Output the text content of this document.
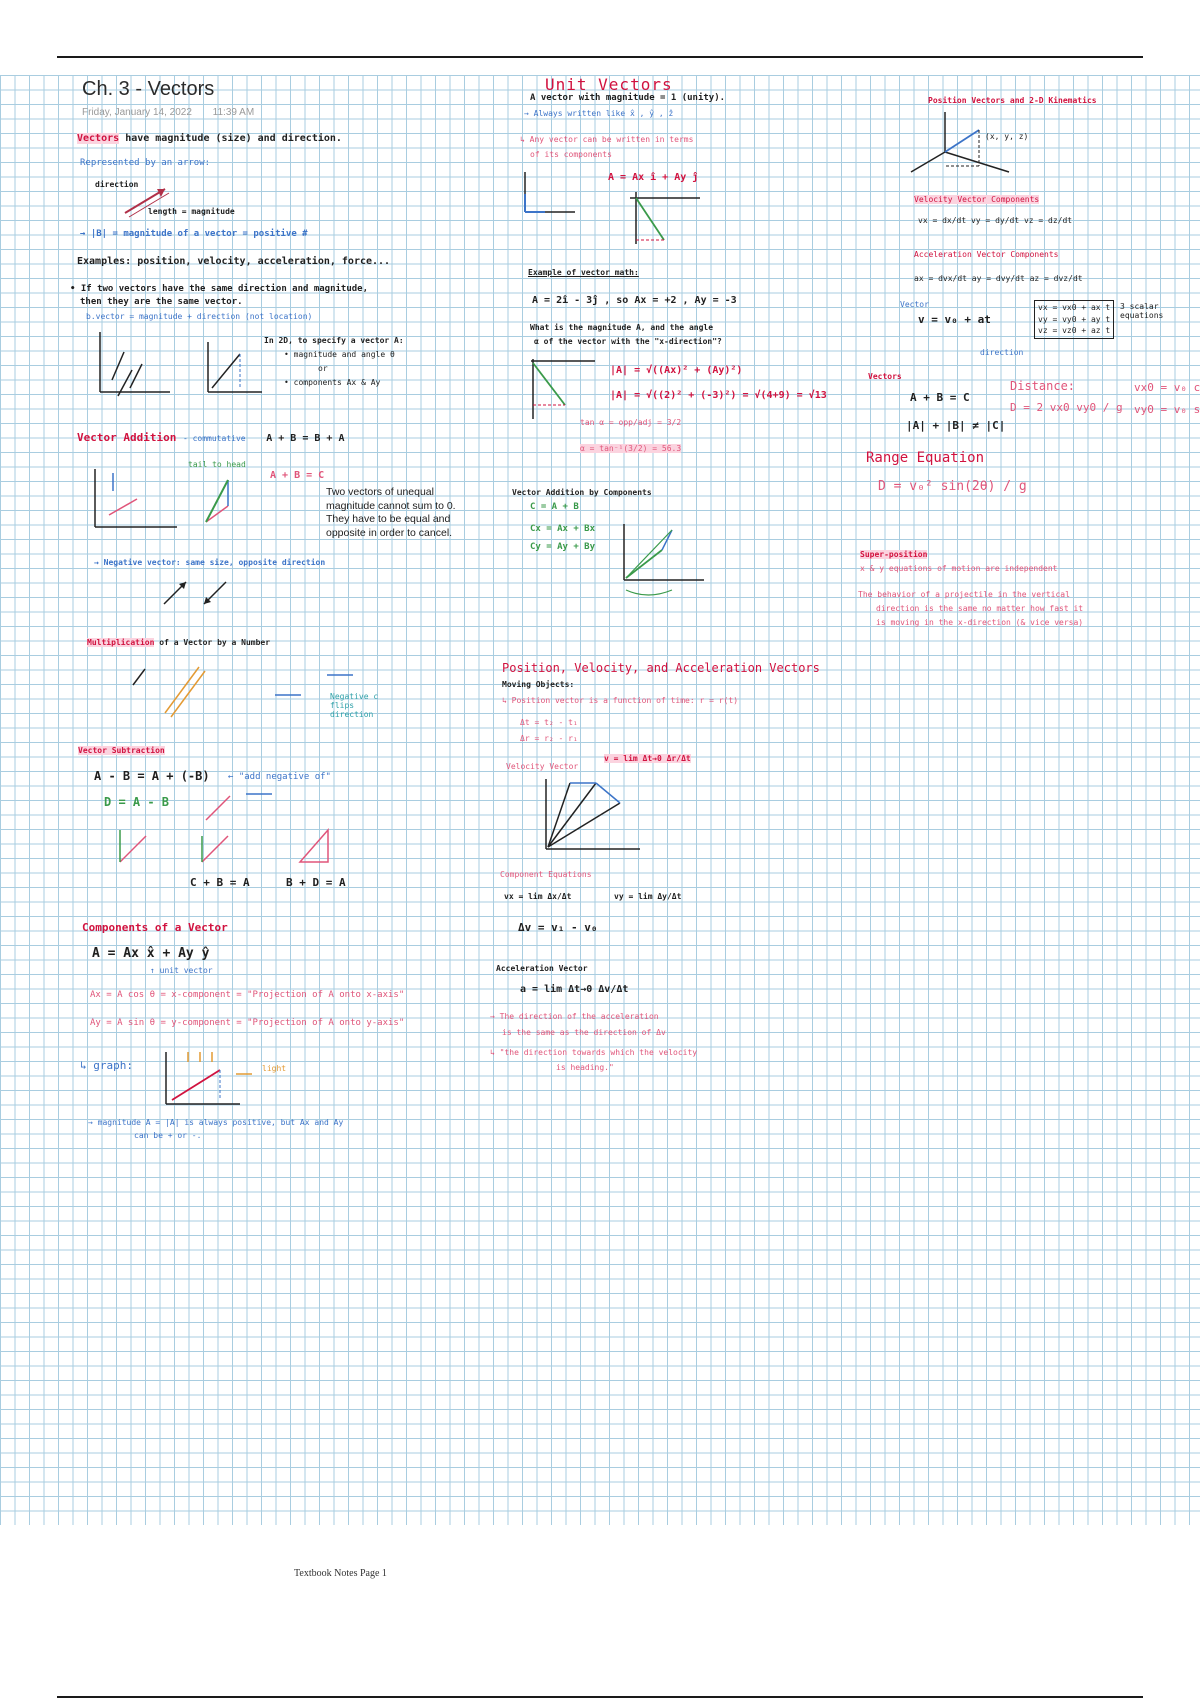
Ch. 3 - Vectors
Friday, January 14, 2022 11:39 AM
Vectors have magnitude (size) and direction.
Represented by an arrow:
direction
length = magnitude
→ |B| = magnitude of a vector = positive #
Examples: position, velocity, acceleration, force...
• If two vectors have the same direction and magnitude,
then they are the same vector.
b.vector = magnitude + direction (not location)
In 2D, to specify a vector A:
• magnitude and angle θ
or
• components Ax & Ay
Vector Addition - commutative A + B = B + A
tail to head
A + B = C
Two vectors of unequal magnitude cannot sum to 0. They have to be equal and opposite in order to cancel.
→ Negative vector: same size, opposite direction
Multiplication of a Vector by a Number
Negative c flips direction
Vector Subtraction
A - B = A + (-B) ← "add negative of"
D = A - B
C + B = A	B + D = A
Components of a Vector
A = Ax x̂ + Ay ŷ
↑ unit vector
Ax = A cos θ = x-component = "Projection of A onto x-axis"
Ay = A sin θ = y-component = "Projection of A onto y-axis"
↳ graph:	light
→ magnitude A = |A| is always positive, but Ax and Ay
can be + or -.
Unit Vectors
A vector with magnitude = 1 (unity).
→ Always written like x̂ , ŷ , ẑ
↳ Any vector can be written in terms
of its components
A = Ax î + Ay ĵ
Example of vector math:
A = 2î - 3ĵ , so Ax = +2 , Ay = -3
What is the magnitude A, and the angle
α of the vector with the "x-direction"?
|A| = √((Ax)² + (Ay)²)
|A| = √((2)² + (-3)²) = √(4+9) = √13
tan α = opp/adj = 3/2
α = tan⁻¹(3/2) = 56.3
Vector Addition by Components
C = A + B
Cx = Ax + Bx
Cy = Ay + By
Position, Velocity, and Acceleration Vectors
Moving Objects:
↳ Position vector is a function of time: r = r(t)
Δt = t₂ - t₁
Δr = r₂ - r₁
Velocity Vector
v = lim Δt→0 Δr/Δt
Component Equations
vx = lim Δx/Δt	vy = lim Δy/Δt
Δv = v₁ - v₀
Acceleration Vector
a = lim Δt→0 Δv/Δt
→ The direction of the acceleration
is the same as the direction of Δv
↳ "the direction towards which the velocity
is heading."
Position Vectors and 2-D Kinematics
(x, y, z)
Velocity Vector Components
vx = dx/dt vy = dy/dt vz = dz/dt
Acceleration Vector Components
ax = dvx/dt ay = dvy/dt az = dvz/dt
Vector
v = v₀ + at
vx = vx0 + ax t
vy = vy0 + ay t
vz = vz0 + az t
3 scalar equations
direction
Vectors
A + B = C
|A| + |B| ≠ |C|
Distance:
D = 2 vx0 vy0 / g
vx0 = v₀ c
vy0 = v₀ s
Range Equation
D = v₀² sin(2θ) / g
Super-position
x & y equations of motion are independent
The behavior of a projectile in the vertical
direction is the same no matter how fast it
is moving in the x-direction (& vice versa)
Textbook Notes Page 1
